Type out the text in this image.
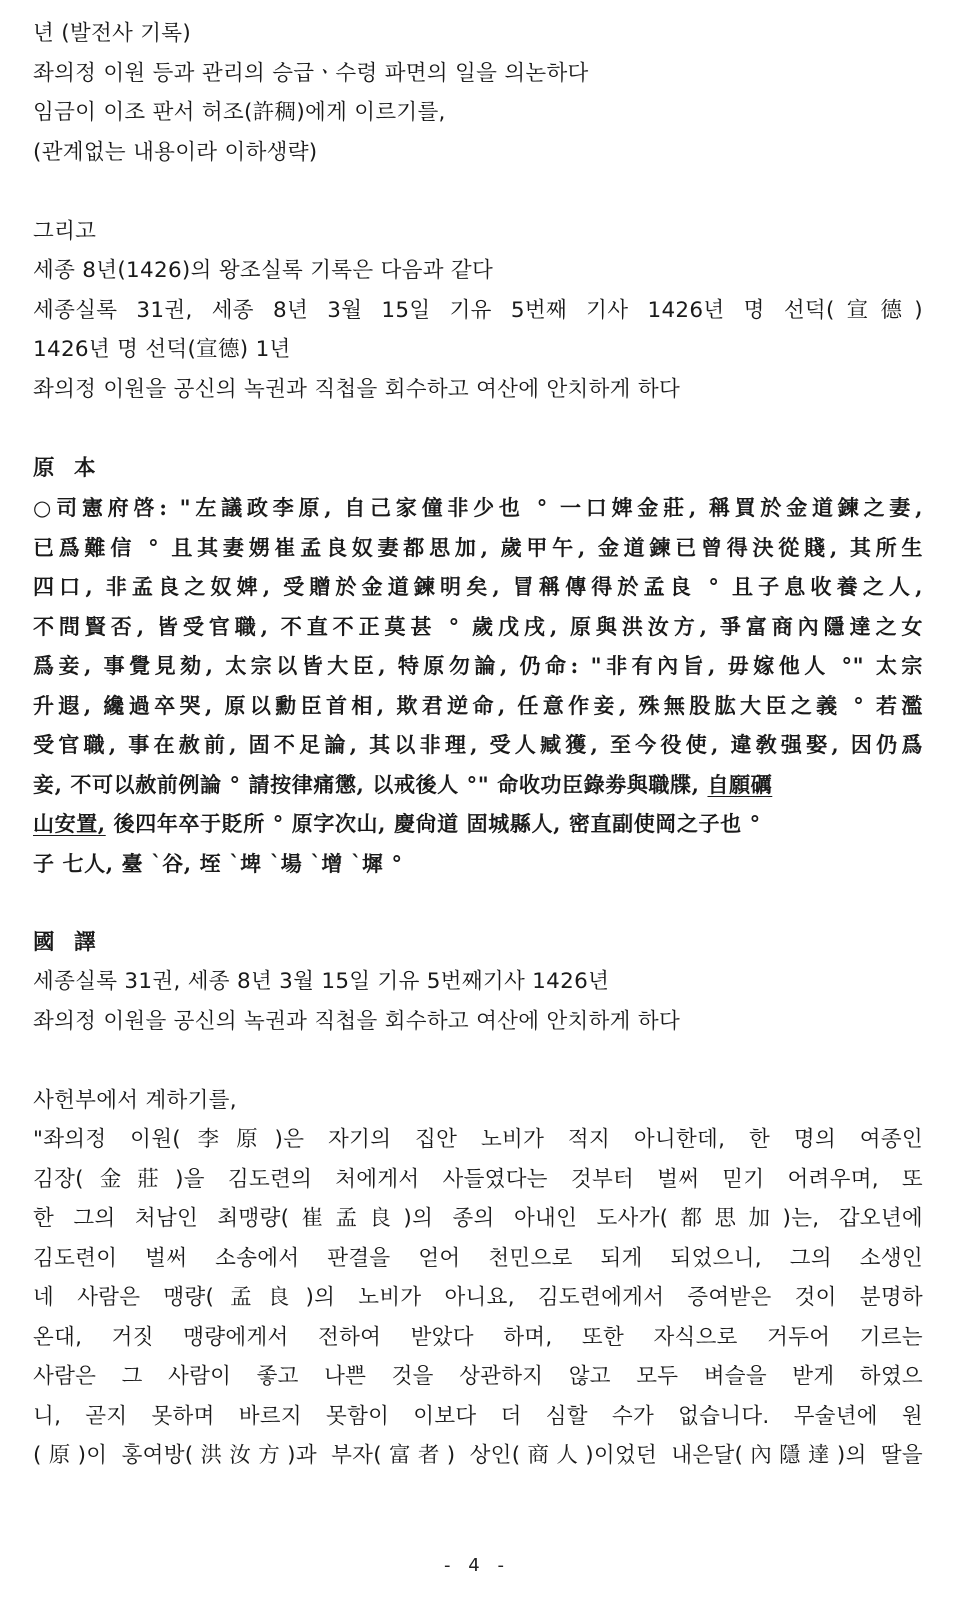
년 (발전사 기록)
좌의정 이원 등과 관리의 승급ㆍ수령 파면의 일을 의논하다
임금이 이조 판서 허조(許稠)에게 이르기를,
(관계없는 내용이라 이하생략)
그리고
세종 8년(1426)의 왕조실록 기록은 다음과 같다
세종실록 31권, 세종 8년 3월 15일 기유 5번째 기사 1426년 명 선덕(宣德)
1426년 명 선덕(宣德) 1년
좌의정 이원을 공신의 녹권과 직첩을 회수하고 여산에 안치하게 하다
原 本
○司憲府啓: "左議政李原, 自己家僮非少也 ° 一口婢金莊, 稱買於金道鍊之妻,
已爲難信 ° 且其妻娚崔孟良奴妻都思加, 歲甲午, 金道鍊已曾得決從賤, 其所生
四口, 非孟良之奴婢, 受贈於金道鍊明矣, 冒稱傳得於孟良 ° 且子息收養之人,
不問賢否, 皆受官職, 不直不正莫甚 ° 歲戊戌, 原與洪汝方, 爭富商內隱達之女
爲妾, 事覺見劾, 太宗以皆大臣, 特原勿論, 仍命: "非有內旨, 毋嫁他人 °" 太宗
升遐, 纔過卒哭, 原以勳臣首相, 欺君逆命, 任意作妾, 殊無股肱大臣之義 ° 若濫
受官職, 事在赦前, 固不足論, 其以非理, 受人臧獲, 至今役使, 違敎强娶, 因仍爲
妾, 不可以赦前例論 ° 請按律痛懲, 以戒後人 °" 命收功臣錄劵與職牒, 自願礪
山安置, 後四年卒于貶所 ° 原字次山, 慶尙道 固城縣人, 密直副使岡之子也 °
子 七人, 臺 `谷, 垤 `埤 `場 `增 `墀 °
國 譯
세종실록 31권, 세종 8년 3월 15일 기유 5번째기사 1426년
좌의정 이원을 공신의 녹권과 직첩을 회수하고 여산에 안치하게 하다
사헌부에서 계하기를,
"좌의정 이원(李原)은 자기의 집안 노비가 적지 아니한데, 한 명의 여종인
김장(金莊)을 김도련의 처에게서 사들였다는 것부터 벌써 믿기 어려우며, 또
한 그의 처남인 최맹량(崔孟良)의 종의 아내인 도사가(都思加)는, 갑오년에
김도련이 벌써 소송에서 판결을 얻어 천민으로 되게 되었으니, 그의 소생인
네 사람은 맹량(孟良)의 노비가 아니요, 김도련에게서 증여받은 것이 분명하
온대, 거짓 맹량에게서 전하여 받았다 하며, 또한 자식으로 거두어 기르는
사람은 그 사람이 좋고 나쁜 것을 상관하지 않고 모두 벼슬을 받게 하였으
니, 곧지 못하며 바르지 못함이 이보다 더 심할 수가 없습니다. 무술년에 원
(原)이 홍여방(洪汝方)과 부자(富者) 상인(商人)이었던 내은달(內隱達)의 딸을
- 4 -
